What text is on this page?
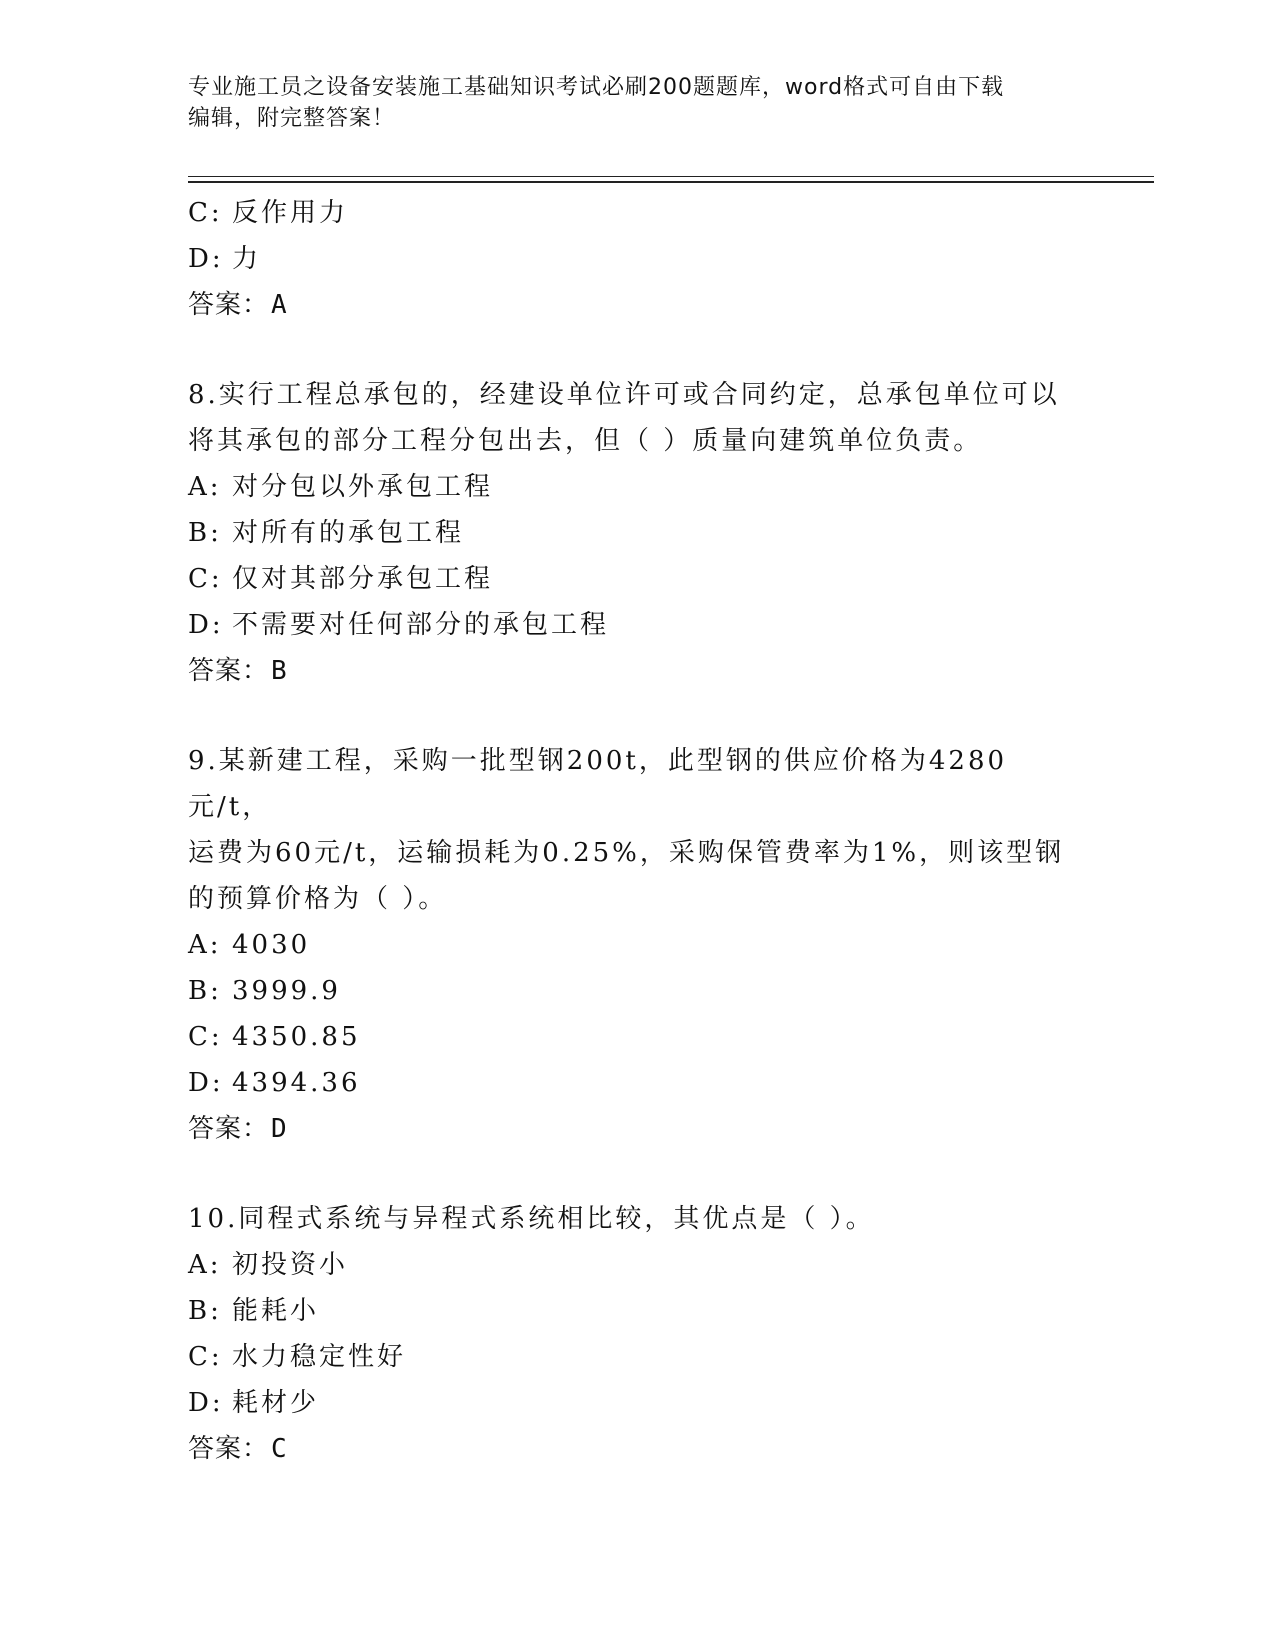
专业施工员之设备安装施工基础知识考试必刷200题题库，word格式可自由下载
编辑，附完整答案！
C: 反作用力
D: 力
答案：A
8.实行工程总承包的，经建设单位许可或合同约定，总承包单位可以
将其承包的部分工程分包出去，但（ ）质量向建筑单位负责。
A: 对分包以外承包工程
B: 对所有的承包工程
C: 仅对其部分承包工程
D: 不需要对任何部分的承包工程
答案：B
9.某新建工程，采购一批型钢200t，此型钢的供应价格为4280元/t，
运费为60元/t，运输损耗为0.25%，采购保管费率为1%，则该型钢
的预算价格为（ ）。
A: 4030
B: 3999.9
C: 4350.85
D: 4394.36
答案：D
10.同程式系统与异程式系统相比较，其优点是（ ）。
A: 初投资小
B: 能耗小
C: 水力稳定性好
D: 耗材少
答案：C
